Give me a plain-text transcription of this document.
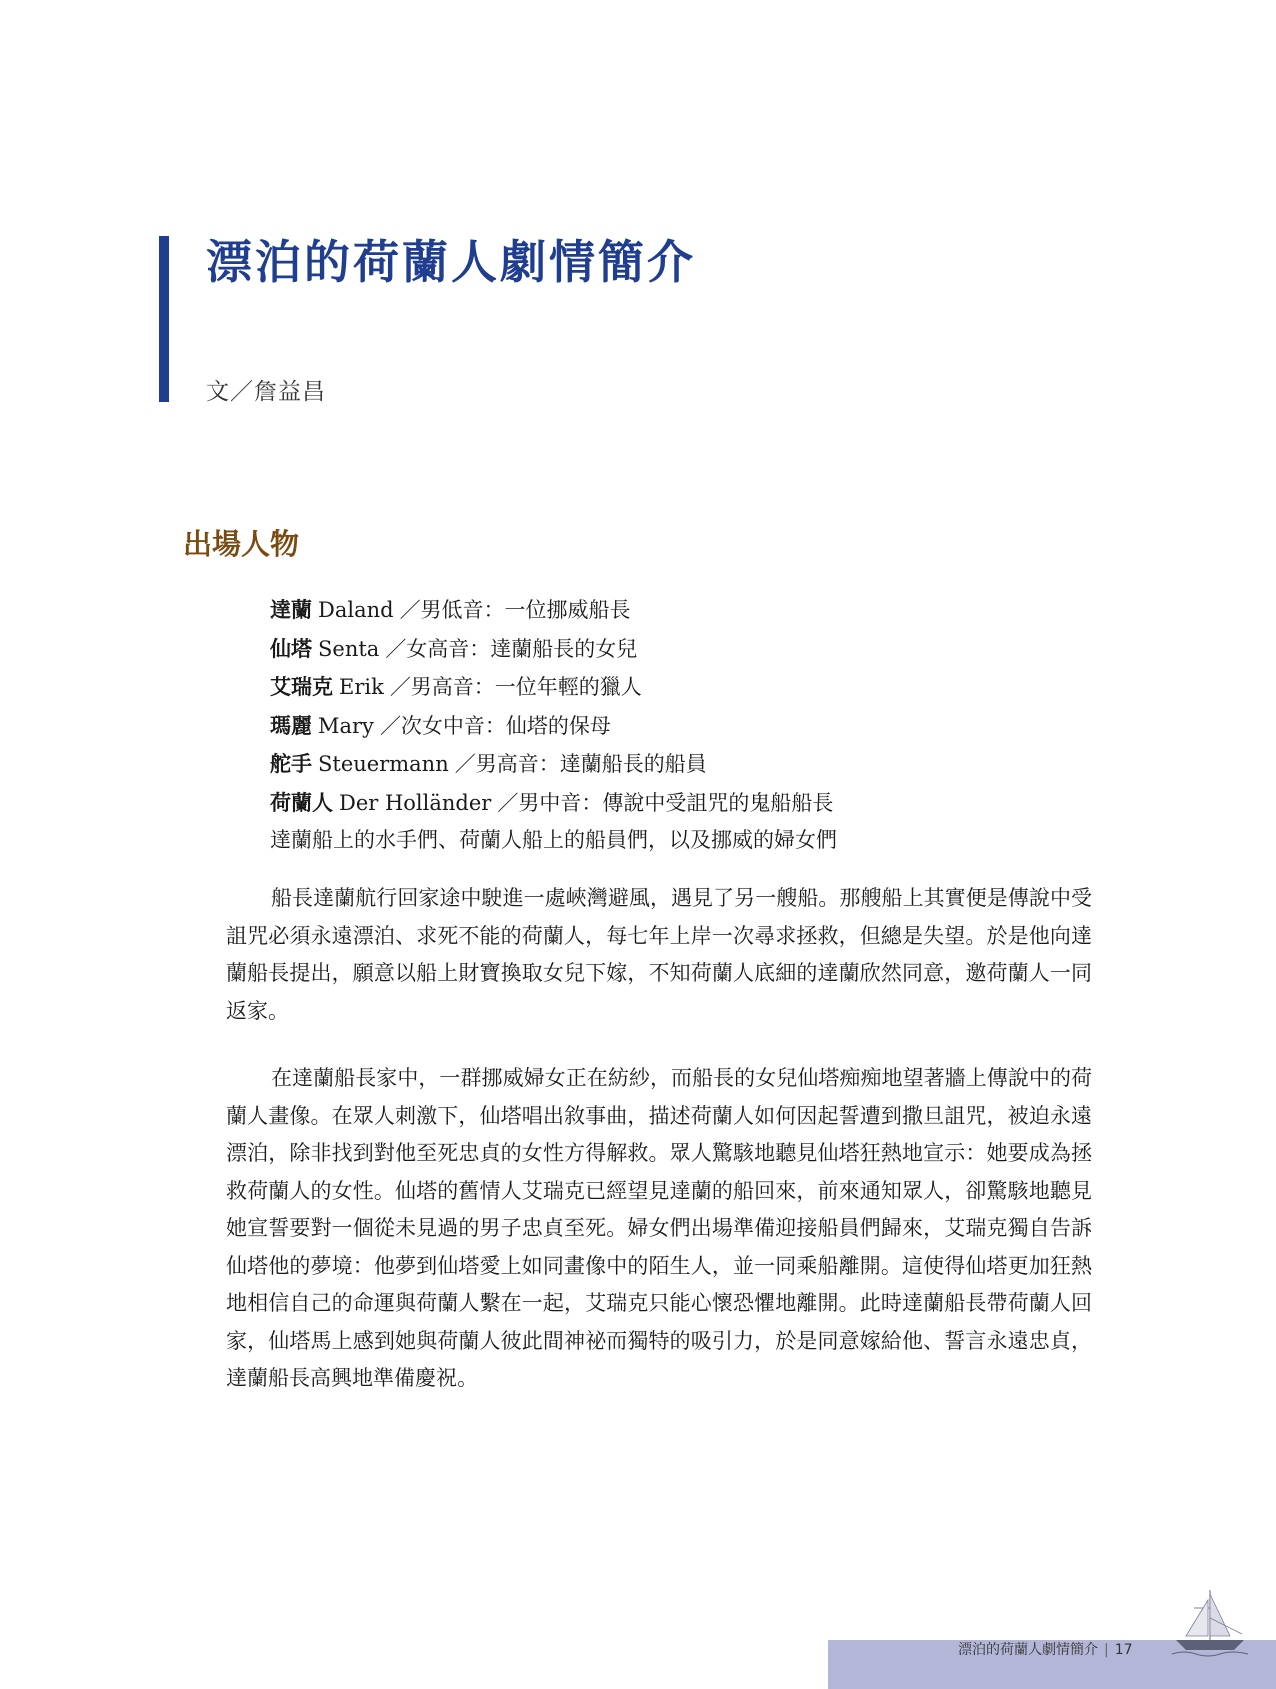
漂泊的荷蘭人劇情簡介
文／詹益昌
出場人物
達蘭 Daland ／男低音：一位挪威船長
仙塔 Senta ／女高音：達蘭船長的女兒
艾瑞克 Erik ／男高音：一位年輕的獵人
瑪麗 Mary ／次女中音：仙塔的保母
舵手 Steuermann ／男高音：達蘭船長的船員
荷蘭人 Der Holländer ／男中音：傳說中受詛咒的鬼船船長
達蘭船上的水手們、荷蘭人船上的船員們，以及挪威的婦女們

船長達蘭航行回家途中駛進一處峽灣避風，遇見了另一艘船。那艘船上其實便是傳說中受詛咒必須永遠漂泊、求死不能的荷蘭人，每七年上岸一次尋求拯救，但總是失望。於是他向達蘭船長提出，願意以船上財寶換取女兒下嫁，不知荷蘭人底細的達蘭欣然同意，邀荷蘭人一同返家。

在達蘭船長家中，一群挪威婦女正在紡紗，而船長的女兒仙塔痴痴地望著牆上傳說中的荷蘭人畫像。在眾人刺激下，仙塔唱出敘事曲，描述荷蘭人如何因起誓遭到撒旦詛咒，被迫永遠漂泊，除非找到對他至死忠貞的女性方得解救。眾人驚駭地聽見仙塔狂熱地宣示：她要成為拯救荷蘭人的女性。仙塔的舊情人艾瑞克已經望見達蘭的船回來，前來通知眾人，卻驚駭地聽見她宣誓要對一個從未見過的男子忠貞至死。婦女們出場準備迎接船員們歸來，艾瑞克獨自告訴仙塔他的夢境：他夢到仙塔愛上如同畫像中的陌生人，並一同乘船離開。這使得仙塔更加狂熱地相信自己的命運與荷蘭人繫在一起，艾瑞克只能心懷恐懼地離開。此時達蘭船長帶荷蘭人回家，仙塔馬上感到她與荷蘭人彼此間神祕而獨特的吸引力，於是同意嫁給他、誓言永遠忠貞，達蘭船長高興地準備慶祝。

漂泊的荷蘭人劇情簡介 | 17
